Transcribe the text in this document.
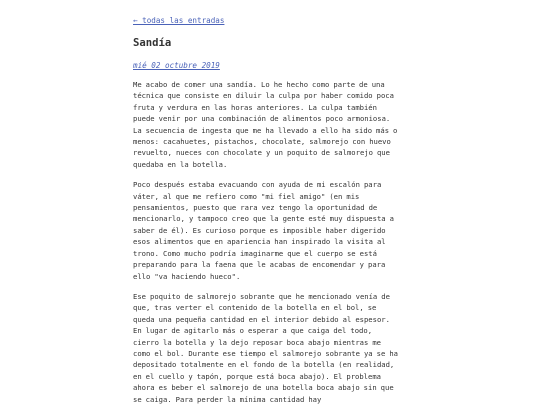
← todas las entradas
Sandía
mié 02 octubre 2019

Me acabo de comer una sandía. Lo he hecho como parte de una técnica que consiste en diluir la culpa por haber comido poca fruta y verdura en las horas anteriores. La culpa también puede venir por una combinación de alimentos poco armoniosa. La secuencia de ingesta que me ha llevado a ello ha sido más o menos: cacahuetes, pistachos, chocolate, salmorejo con huevo revuelto, nueces con chocolate y un poquito de salmorejo que quedaba en la botella.

Poco después estaba evacuando con ayuda de mi escalón para váter, al que me refiero como "mi fiel amigo" (en mis pensamientos, puesto que rara vez tengo la oportunidad de mencionarlo, y tampoco creo que la gente esté muy dispuesta a saber de él). Es curioso porque es imposible haber digerido esos alimentos que en apariencia han inspirado la visita al trono. Como mucho podría imaginarme que el cuerpo se está preparando para la faena que le acabas de encomendar y para ello "va haciendo hueco".

Ese poquito de salmorejo sobrante que he mencionado venía de que, tras verter el contenido de la botella en el bol, se queda una pequeña cantidad en el interior debido al espesor. En lugar de agitarlo más o esperar a que caiga del todo, cierro la botella y la dejo reposar boca abajo mientras me como el bol. Durante ese tiempo el salmorejo sobrante ya se ha depositado totalmente en el fondo de la botella (en realidad, en el cuello y tapón, porque está boca abajo). El problema ahora es beber el salmorejo de una botella boca abajo sin que se caiga. Para perder la mínima cantidad hay
